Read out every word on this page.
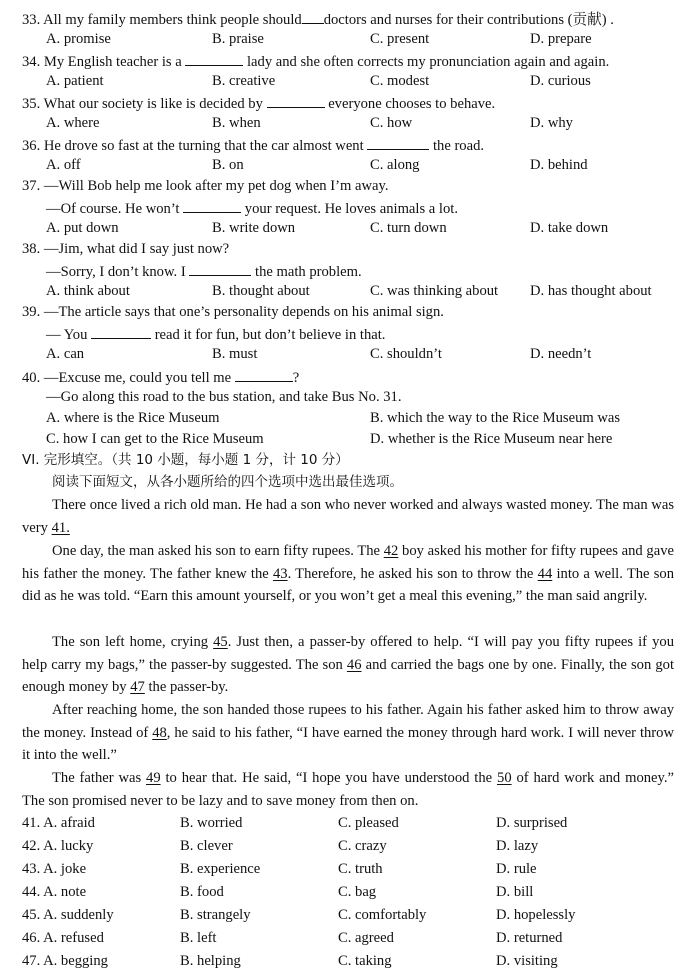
33. All my family members think people should doctors and nurses for their contributions (贡献) .
A. promise	B. praise	C. present	D. prepare
34. My English teacher is a	lady and she often corrects my pronunciation again and again.
A. patient	B. creative	C. modest	D. curious
35. What our society is like is decided by	everyone chooses to behave.
A. where	B. when	C. how	D. why
36. He drove so fast at the turning that the car almost went	the road.
A. off	B. on	C. along	D. behind
37. —Will Bob help me look after my pet dog when I’m away.
—Of course. He won’t	your request. He loves animals a lot.
A. put down	B. write down	C. turn down	D. take down
38. —Jim, what did I say just now?
—Sorry, I don’t know. I	the math problem.
A. think about	B. thought about	C. was thinking about D. has thought about
39. —The article says that one’s personality depends on his animal sign.
— You	read it for fun, but don’t believe in that.
A. can	B. must	C. shouldn’t	D. needn’t
40. —Excuse me, could you tell me	?
—Go along this road to the bus station, and take Bus No. 31.
A. where is the Rice Museum	B. which the way to the Rice Museum was
C. how I can get to the Rice Museum	D. whether is the Rice Museum near here
VI. 完形填空。（共 10 小题，每小题 1 分，计 10 分）
阅读下面短文，从各小题所给的四个选项中选出最佳选项。
There once lived a rich old man. He had a son who never worked and always wasted money. The man was very 41.
One day, the man asked his son to earn fifty rupees. The 42 boy asked his mother for fifty rupees and gave his father the money. The father knew the 43. Therefore, he asked his son to throw the 44 into a well. The son did as he was told. “Earn this amount yourself, or you won’t get a meal this evening,” the man said angrily.
The son left home, crying 45. Just then, a passer-by offered to help. “I will pay you fifty rupees if you help carry my bags,” the passer-by suggested. The son 46 and carried the bags one by one. Finally, the son got enough money by 47 the passer-by.
After reaching home, the son handed those rupees to his father. Again his father asked him to throw away the money. Instead of 48, he said to his father, “I have earned the money through hard work. I will never throw it into the well.”
The father was 49 to hear that. He said, “I hope you have understood the 50 of hard work and money.” The son promised never to be lazy and to save money from then on.
41. A. afraid	B. worried	C. pleased	D. surprised
42. A. lucky	B. clever	C. crazy	D. lazy
43. A. joke	B. experience	C. truth	D. rule
44. A. note	B. food	C. bag	D. bill
45. A. suddenly	B. strangely	C. comfortably	D. hopelessly
46. A. refused	B. left	C. agreed	D. returned
47. A. begging	B. helping	C. taking	D. visiting
